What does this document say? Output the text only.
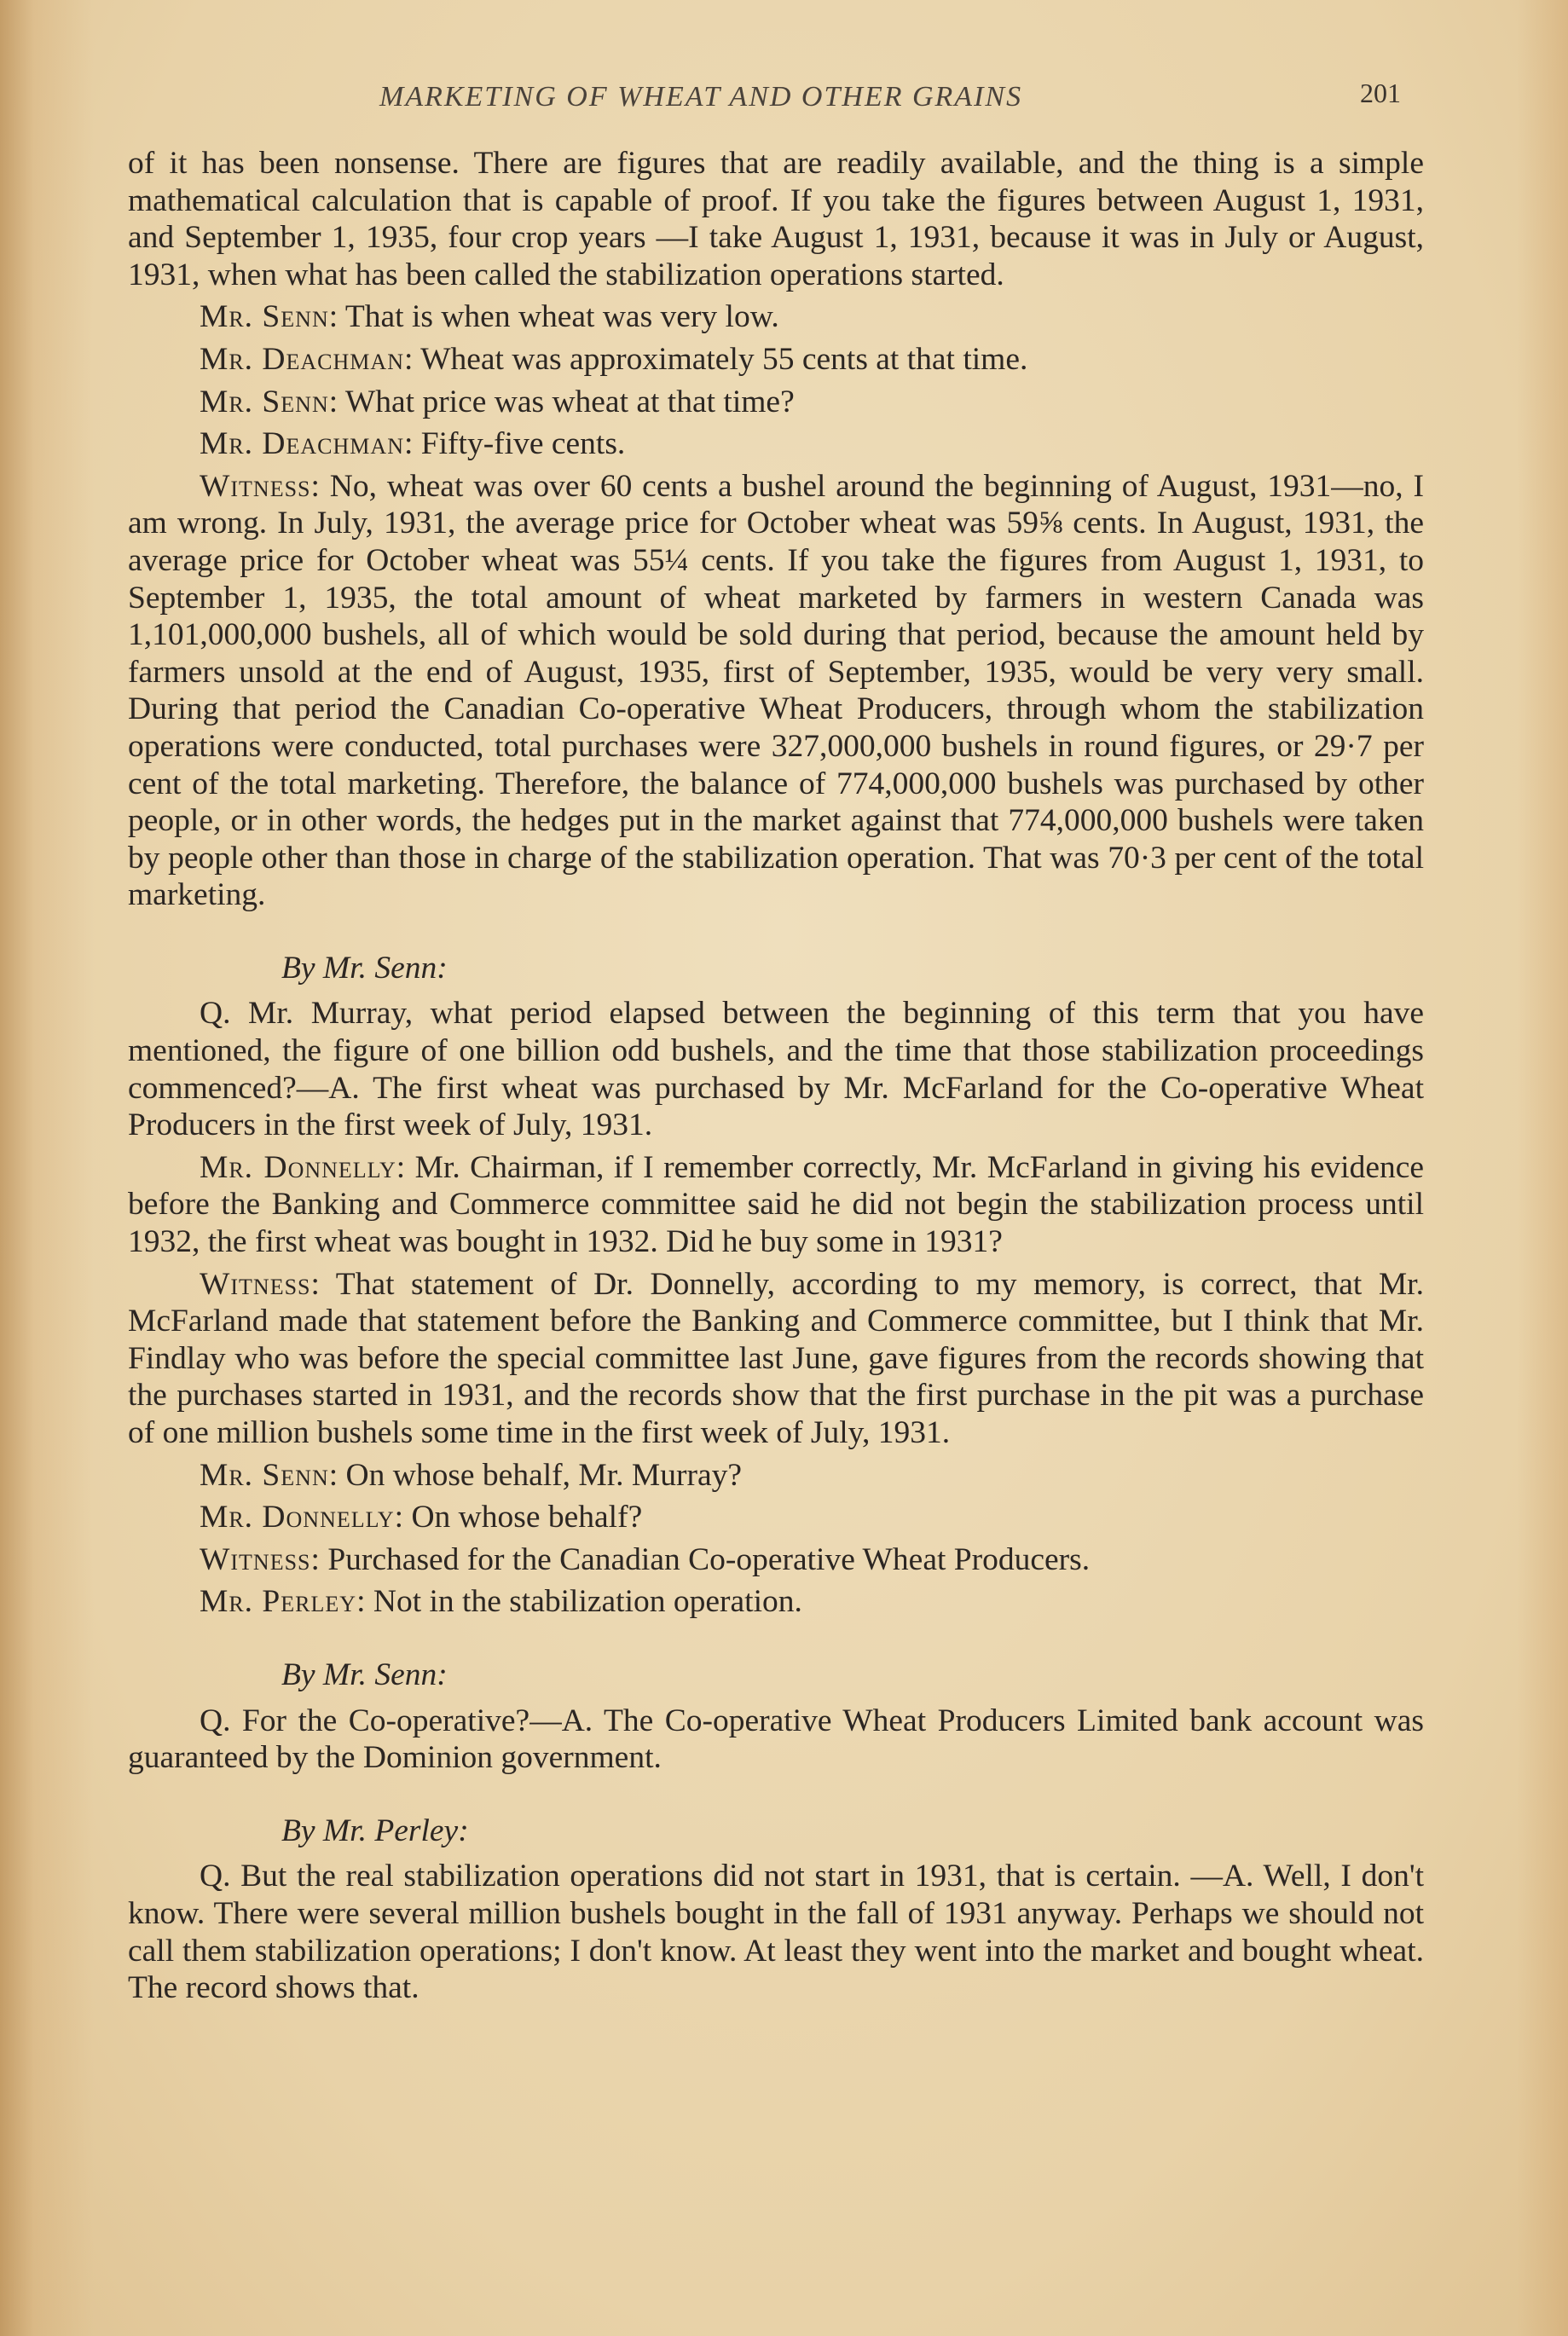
MARKETING OF WHEAT AND OTHER GRAINS	201

of it has been nonsense. There are figures that are readily available, and the thing is a simple mathematical calculation that is capable of proof. If you take the figures between August 1, 1931, and September 1, 1935, four crop years —I take August 1, 1931, because it was in July or August, 1931, when what has been called the stabilization operations started.

Mr. Senn: That is when wheat was very low.

Mr. Deachman: Wheat was approximately 55 cents at that time.

Mr. Senn: What price was wheat at that time?

Mr. Deachman: Fifty-five cents.

Witness: No, wheat was over 60 cents a bushel around the beginning of August, 1931—no, I am wrong. In July, 1931, the average price for October wheat was 59⅝ cents. In August, 1931, the average price for October wheat was 55¼ cents. If you take the figures from August 1, 1931, to September 1, 1935, the total amount of wheat marketed by farmers in western Canada was 1,101,000,000 bushels, all of which would be sold during that period, because the amount held by farmers unsold at the end of August, 1935, first of September, 1935, would be very very small. During that period the Canadian Co-operative Wheat Producers, through whom the stabilization operations were conducted, total purchases were 327,000,000 bushels in round figures, or 29·7 per cent of the total marketing. Therefore, the balance of 774,000,000 bushels was purchased by other people, or in other words, the hedges put in the market against that 774,000,000 bushels were taken by people other than those in charge of the stabilization operation. That was 70·3 per cent of the total marketing.

By Mr. Senn:

Q. Mr. Murray, what period elapsed between the beginning of this term that you have mentioned, the figure of one billion odd bushels, and the time that those stabilization proceedings commenced?—A. The first wheat was purchased by Mr. McFarland for the Co-operative Wheat Producers in the first week of July, 1931.

Mr. Donnelly: Mr. Chairman, if I remember correctly, Mr. McFarland in giving his evidence before the Banking and Commerce committee said he did not begin the stabilization process until 1932, the first wheat was bought in 1932. Did he buy some in 1931?

Witness: That statement of Dr. Donnelly, according to my memory, is correct, that Mr. McFarland made that statement before the Banking and Commerce committee, but I think that Mr. Findlay who was before the special committee last June, gave figures from the records showing that the purchases started in 1931, and the records show that the first purchase in the pit was a purchase of one million bushels some time in the first week of July, 1931.

Mr. Senn: On whose behalf, Mr. Murray?

Mr. Donnelly: On whose behalf?

Witness: Purchased for the Canadian Co-operative Wheat Producers.

Mr. Perley: Not in the stabilization operation.

By Mr. Senn:

Q. For the Co-operative?—A. The Co-operative Wheat Producers Limited bank account was guaranteed by the Dominion government.

By Mr. Perley:

Q. But the real stabilization operations did not start in 1931, that is certain. —A. Well, I don't know. There were several million bushels bought in the fall of 1931 anyway. Perhaps we should not call them stabilization operations; I don't know. At least they went into the market and bought wheat. The record shows that.
